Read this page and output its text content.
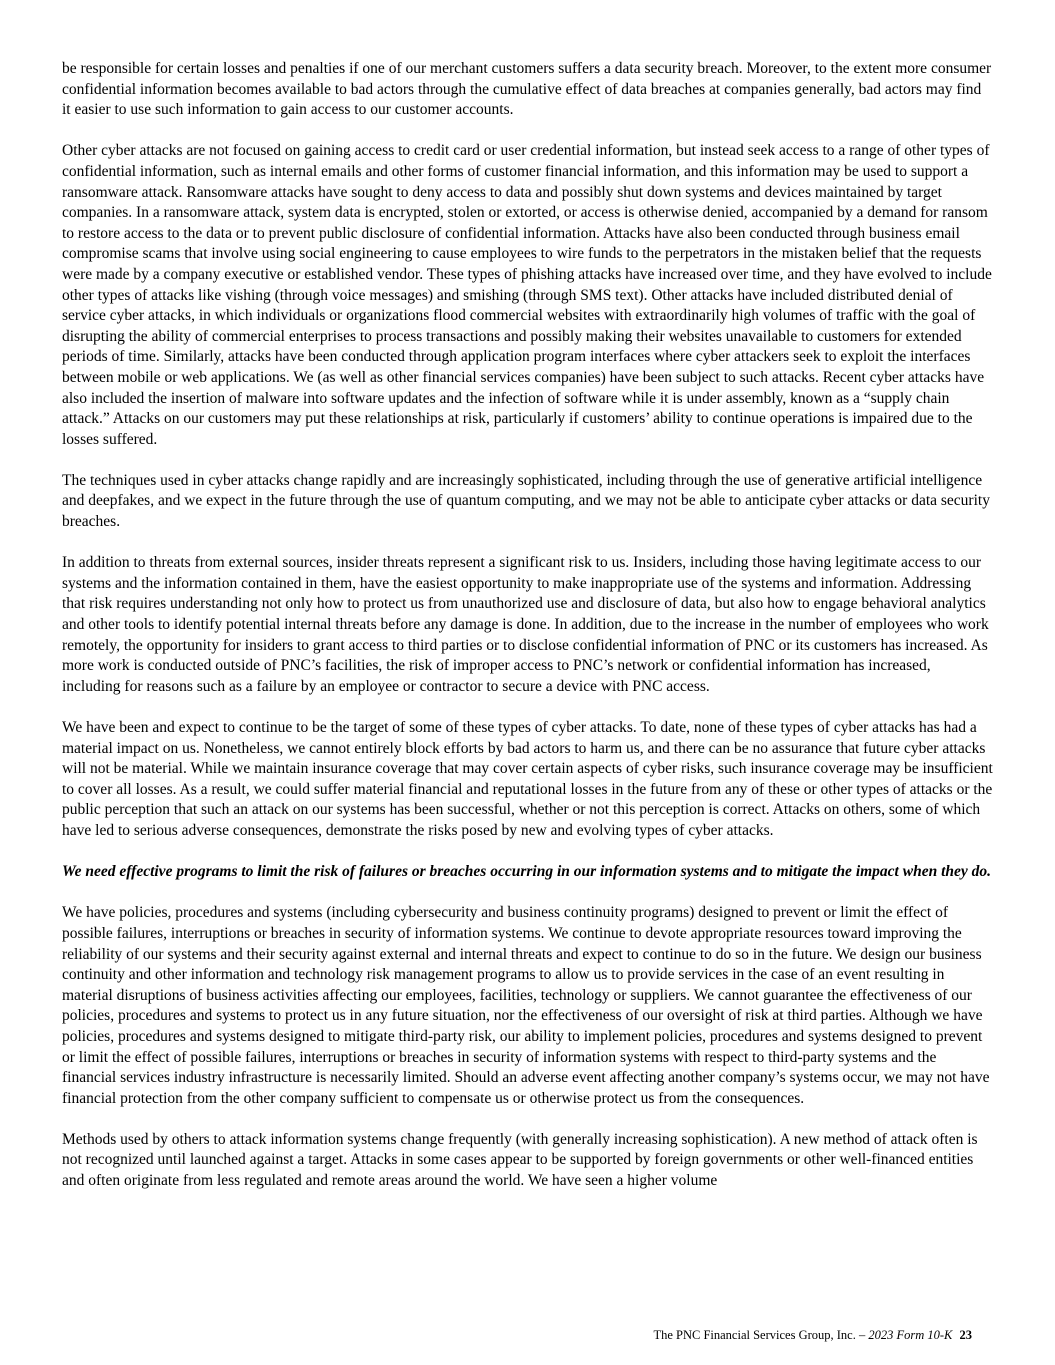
be responsible for certain losses and penalties if one of our merchant customers suffers a data security breach. Moreover, to the extent more consumer confidential information becomes available to bad actors through the cumulative effect of data breaches at companies generally, bad actors may find it easier to use such information to gain access to our customer accounts.

Other cyber attacks are not focused on gaining access to credit card or user credential information, but instead seek access to a range of other types of confidential information, such as internal emails and other forms of customer financial information, and this information may be used to support a ransomware attack. Ransomware attacks have sought to deny access to data and possibly shut down systems and devices maintained by target companies. In a ransomware attack, system data is encrypted, stolen or extorted, or access is otherwise denied, accompanied by a demand for ransom to restore access to the data or to prevent public disclosure of confidential information. Attacks have also been conducted through business email compromise scams that involve using social engineering to cause employees to wire funds to the perpetrators in the mistaken belief that the requests were made by a company executive or established vendor. These types of phishing attacks have increased over time, and they have evolved to include other types of attacks like vishing (through voice messages) and smishing (through SMS text). Other attacks have included distributed denial of service cyber attacks, in which individuals or organizations flood commercial websites with extraordinarily high volumes of traffic with the goal of disrupting the ability of commercial enterprises to process transactions and possibly making their websites unavailable to customers for extended periods of time. Similarly, attacks have been conducted through application program interfaces where cyber attackers seek to exploit the interfaces between mobile or web applications. We (as well as other financial services companies) have been subject to such attacks. Recent cyber attacks have also included the insertion of malware into software updates and the infection of software while it is under assembly, known as a “supply chain attack.” Attacks on our customers may put these relationships at risk, particularly if customers’ ability to continue operations is impaired due to the losses suffered.

The techniques used in cyber attacks change rapidly and are increasingly sophisticated, including through the use of generative artificial intelligence and deepfakes, and we expect in the future through the use of quantum computing, and we may not be able to anticipate cyber attacks or data security breaches.

In addition to threats from external sources, insider threats represent a significant risk to us. Insiders, including those having legitimate access to our systems and the information contained in them, have the easiest opportunity to make inappropriate use of the systems and information. Addressing that risk requires understanding not only how to protect us from unauthorized use and disclosure of data, but also how to engage behavioral analytics and other tools to identify potential internal threats before any damage is done. In addition, due to the increase in the number of employees who work remotely, the opportunity for insiders to grant access to third parties or to disclose confidential information of PNC or its customers has increased. As more work is conducted outside of PNC’s facilities, the risk of improper access to PNC’s network or confidential information has increased, including for reasons such as a failure by an employee or contractor to secure a device with PNC access.

We have been and expect to continue to be the target of some of these types of cyber attacks. To date, none of these types of cyber attacks has had a material impact on us. Nonetheless, we cannot entirely block efforts by bad actors to harm us, and there can be no assurance that future cyber attacks will not be material. While we maintain insurance coverage that may cover certain aspects of cyber risks, such insurance coverage may be insufficient to cover all losses. As a result, we could suffer material financial and reputational losses in the future from any of these or other types of attacks or the public perception that such an attack on our systems has been successful, whether or not this perception is correct. Attacks on others, some of which have led to serious adverse consequences, demonstrate the risks posed by new and evolving types of cyber attacks.

We need effective programs to limit the risk of failures or breaches occurring in our information systems and to mitigate the impact when they do.

We have policies, procedures and systems (including cybersecurity and business continuity programs) designed to prevent or limit the effect of possible failures, interruptions or breaches in security of information systems. We continue to devote appropriate resources toward improving the reliability of our systems and their security against external and internal threats and expect to continue to do so in the future. We design our business continuity and other information and technology risk management programs to allow us to provide services in the case of an event resulting in material disruptions of business activities affecting our employees, facilities, technology or suppliers. We cannot guarantee the effectiveness of our policies, procedures and systems to protect us in any future situation, nor the effectiveness of our oversight of risk at third parties. Although we have policies, procedures and systems designed to mitigate third-party risk, our ability to implement policies, procedures and systems designed to prevent or limit the effect of possible failures, interruptions or breaches in security of information systems with respect to third-party systems and the financial services industry infrastructure is necessarily limited. Should an adverse event affecting another company’s systems occur, we may not have financial protection from the other company sufficient to compensate us or otherwise protect us from the consequences.

Methods used by others to attack information systems change frequently (with generally increasing sophistication). A new method of attack often is not recognized until launched against a target. Attacks in some cases appear to be supported by foreign governments or other well-financed entities and often originate from less regulated and remote areas around the world. We have seen a higher volume

The PNC Financial Services Group, Inc. – 2023 Form 10-K 23
